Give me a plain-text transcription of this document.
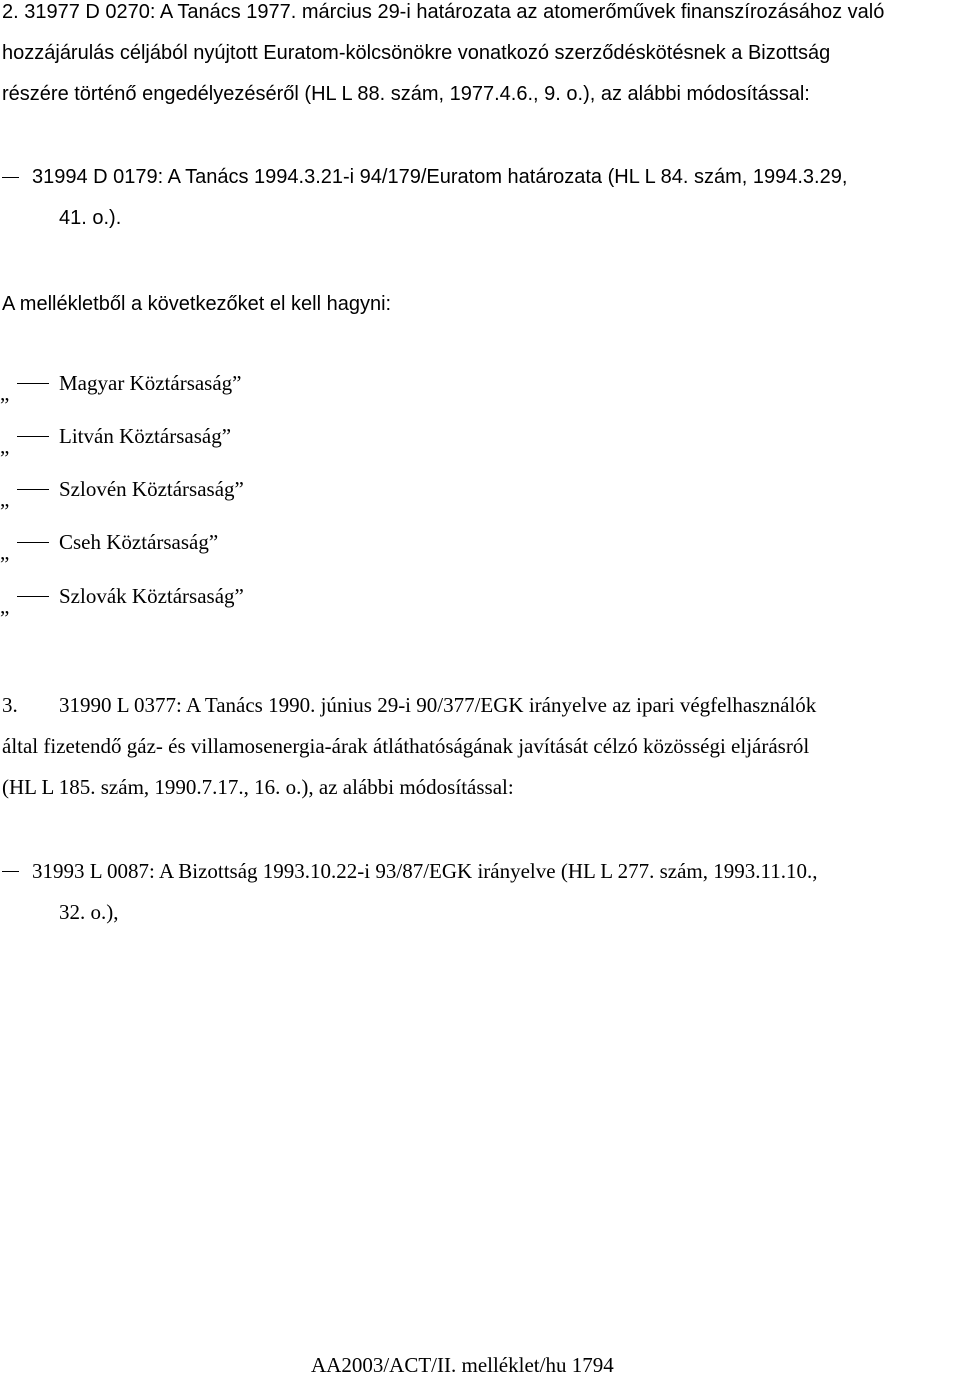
2. 31977 D 0270: A Tanács 1977. március 29-i határozata az atomerőművek finanszírozásához való
hozzájárulás céljából nyújtott Euratom-kölcsönökre vonatkozó szerződéskötésnek a Bizottság
részére történő engedélyezéséről (HL L 88. szám, 1977.4.6., 9. o.), az alábbi módosítással:
31994 D 0179: A Tanács 1994.3.21-i 94/179/Euratom határozata (HL L 84. szám, 1994.3.29,
41. o.).
A mellékletből a következőket el kell hagyni:
„ Magyar Köztársaság”
„ Litván Köztársaság”
„ Szlovén Köztársaság”
„ Cseh Köztársaság”
„ Szlovák Köztársaság”
3. 31990 L 0377: A Tanács 1990. június 29-i 90/377/EGK irányelve az ipari végfelhasználók
által fizetendő gáz- és villamosenergia-árak átláthatóságának javítását célzó közösségi eljárásról
(HL L 185. szám, 1990.7.17., 16. o.), az alábbi módosítással:
31993 L 0087: A Bizottság 1993.10.22-i 93/87/EGK irányelve (HL L 277. szám, 1993.11.10.,
32. o.),
AA2003/ACT/II. melléklet/hu 1794
